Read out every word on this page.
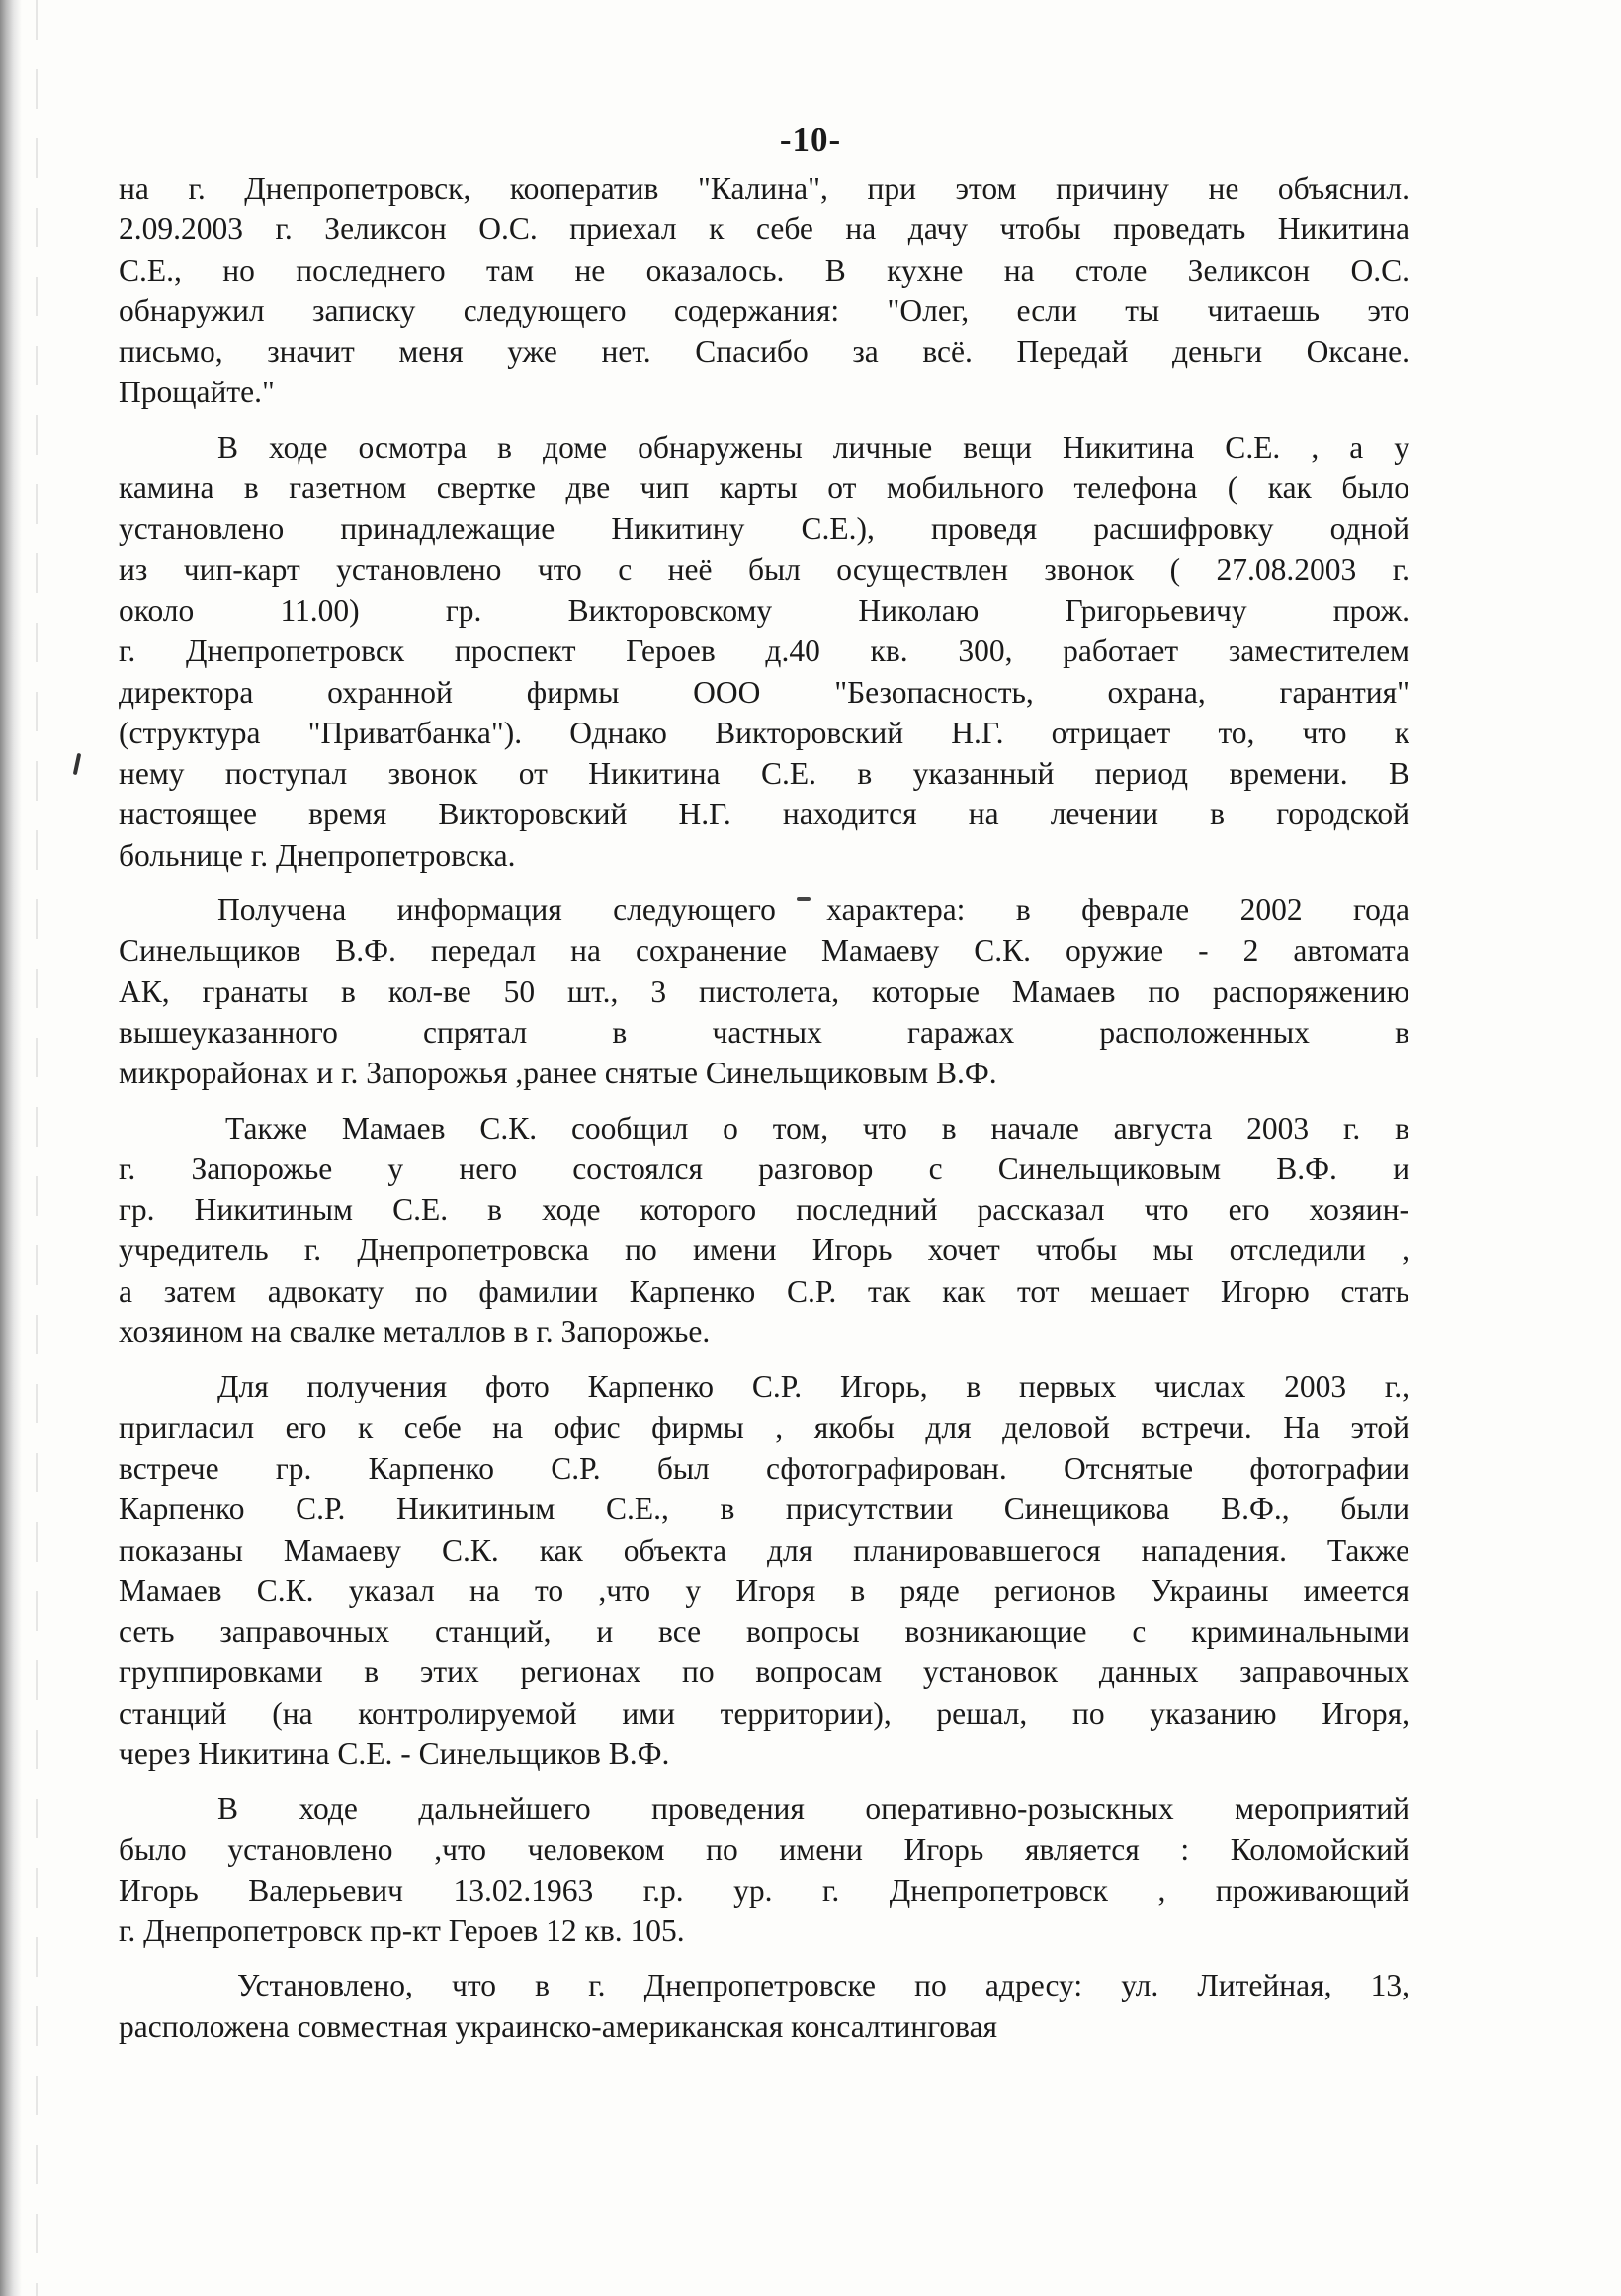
-10-
на г. Днепропетровск, кооператив "Калина", при этом причину не объяснил.
2.09.2003 г. Зеликсон О.С. приехал к себе на дачу чтобы проведать Никитина
С.Е., но последнего там не оказалось. В кухне на столе Зеликсон О.С.
обнаружил записку следующего содержания: "Олег, если ты читаешь это
письмо, значит меня уже нет. Спасибо за всё. Передай деньги Оксане.
Прощайте."
В ходе осмотра в доме обнаружены личные вещи Никитина С.Е. , а у
камина в газетном свертке две чип карты от мобильного телефона ( как было
установлено принадлежащие Никитину С.Е.), проведя расшифровку одной
из чип-карт установлено что с неё был осуществлен звонок ( 27.08.2003 г.
около 11.00) гр. Викторовскому Николаю Григорьевичу прож.
г. Днепропетровск проспект Героев д.40 кв. 300, работает заместителем
директора охранной фирмы ООО "Безопасность, охрана, гарантия"
(структура "Приватбанка"). Однако Викторовский Н.Г. отрицает то, что к
нему поступал звонок от Никитина С.Е. в указанный период времени. В
настоящее время Викторовский Н.Г. находится на лечении в городской
больнице г. Днепропетровска.
Получена информация следующего характера: в феврале 2002 года
Синельщиков В.Ф. передал на сохранение Мамаеву С.К. оружие - 2 автомата
АК, гранаты в кол-ве 50 шт., 3 пистолета, которые Мамаев по распоряжению
вышеуказанного спрятал в частных гаражах расположенных в
микрорайонах и г. Запорожья ,ранее снятые Синельщиковым В.Ф.
Также Мамаев С.К. сообщил о том, что в начале августа 2003 г. в
г. Запорожье у него состоялся разговор с Синельщиковым В.Ф. и
гр. Никитиным С.Е. в ходе которого последний рассказал что его хозяин-
учредитель г. Днепропетровска по имени Игорь хочет чтобы мы отследили ,
а затем адвокату по фамилии Карпенко С.Р. так как тот мешает Игорю стать
хозяином на свалке металлов в г. Запорожье.
Для получения фото Карпенко С.Р. Игорь, в первых числах 2003 г.,
пригласил его к себе на офис фирмы , якобы для деловой встречи. На этой
встрече гр. Карпенко С.Р. был сфотографирован. Отснятые фотографии
Карпенко С.Р. Никитиным С.Е., в присутствии Синещикова В.Ф., были
показаны Мамаеву С.К. как объекта для планировавшегося нападения. Также
Мамаев С.К. указал на то ,что у Игоря в ряде регионов Украины имеется
сеть заправочных станций, и все вопросы возникающие с криминальными
группировками в этих регионах по вопросам установок данных заправочных
станций (на контролируемой ими территории), решал, по указанию Игоря,
через Никитина С.Е. - Синельщиков В.Ф.
В ходе дальнейшего проведения оперативно-розыскных мероприятий
было установлено ,что человеком по имени Игорь является : Коломойский
Игорь Валерьевич 13.02.1963 г.р. ур. г. Днепропетровск , проживающий
г. Днепропетровск пр-кт Героев 12 кв. 105.
Установлено, что в г. Днепропетровске по адресу: ул. Литейная, 13,
расположена совместная украинско-американская консалтинговая
